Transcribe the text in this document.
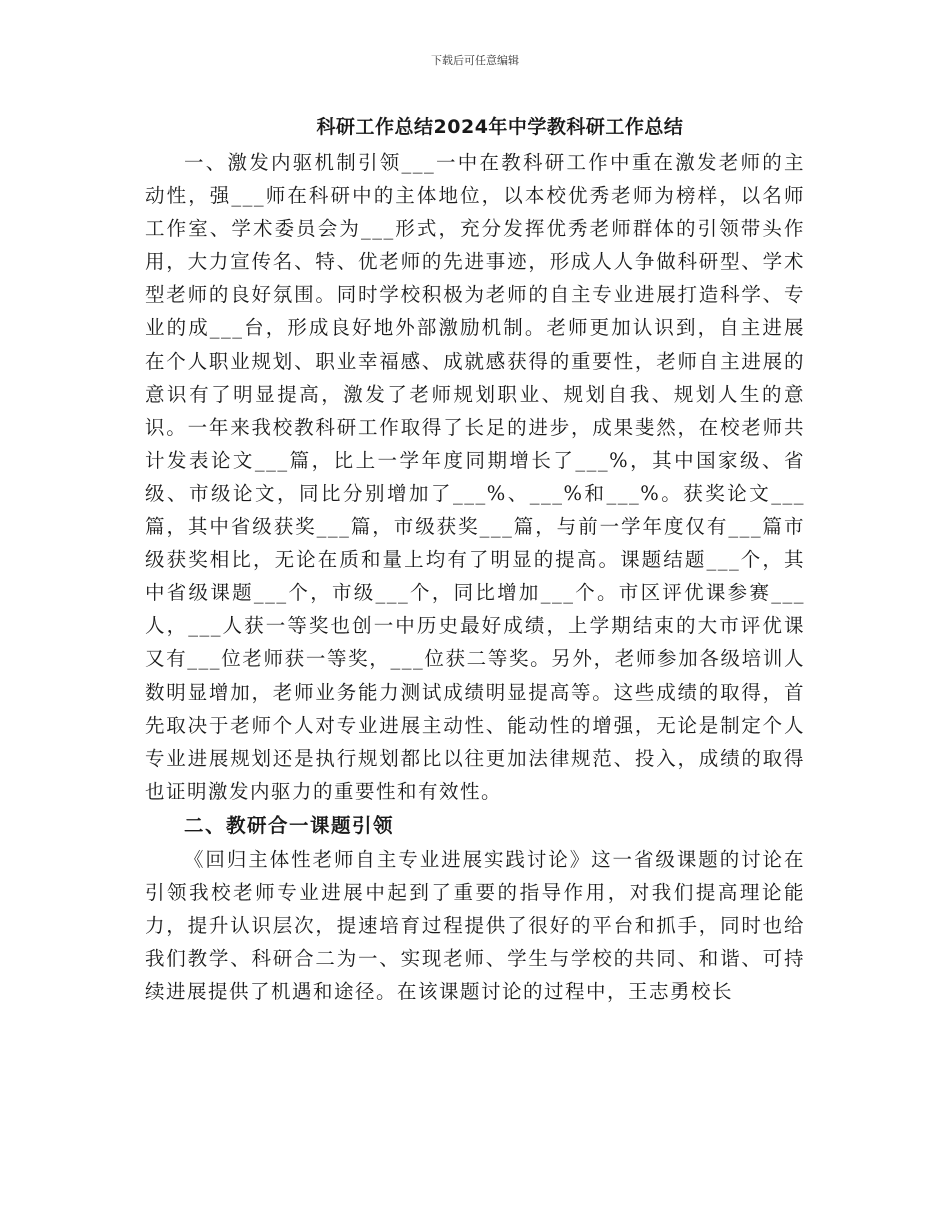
下载后可任意编辑
科研工作总结2024年中学教科研工作总结

一、激发内驱机制引领___一中在教科研工作中重在激发老师的主动性，强___师在科研中的主体地位，以本校优秀老师为榜样，以名师工作室、学术委员会为___形式，充分发挥优秀老师群体的引领带头作用，大力宣传名、特、优老师的先进事迹，形成人人争做科研型、学术型老师的良好氛围。同时学校积极为老师的自主专业进展打造科学、专业的成___台，形成良好地外部激励机制。老师更加认识到，自主进展在个人职业规划、职业幸福感、成就感获得的重要性，老师自主进展的意识有了明显提高，激发了老师规划职业、规划自我、规划人生的意识。一年来我校教科研工作取得了长足的进步，成果斐然，在校老师共计发表论文___篇，比上一学年度同期增长了___%，其中国家级、省级、市级论文，同比分别增加了___%、___%和___%。获奖论文___篇，其中省级获奖___篇，市级获奖___篇，与前一学年度仅有___篇市级获奖相比，无论在质和量上均有了明显的提高。课题结题___个，其中省级课题___个，市级___个，同比增加___个。市区评优课参赛___人，___人获一等奖也创一中历史最好成绩，上学期结束的大市评优课又有___位老师获一等奖，___位获二等奖。另外，老师参加各级培训人数明显增加，老师业务能力测试成绩明显提高等。这些成绩的取得，首先取决于老师个人对专业进展主动性、能动性的增强，无论是制定个人专业进展规划还是执行规划都比以往更加法律规范、投入，成绩的取得也证明激发内驱力的重要性和有效性。

二、教研合一课题引领

《回归主体性老师自主专业进展实践讨论》这一省级课题的讨论在引领我校老师专业进展中起到了重要的指导作用，对我们提高理论能力，提升认识层次，提速培育过程提供了很好的平台和抓手，同时也给我们教学、科研合二为一、实现老师、学生与学校的共同、和谐、可持续进展提供了机遇和途径。在该课题讨论的过程中，王志勇校长
